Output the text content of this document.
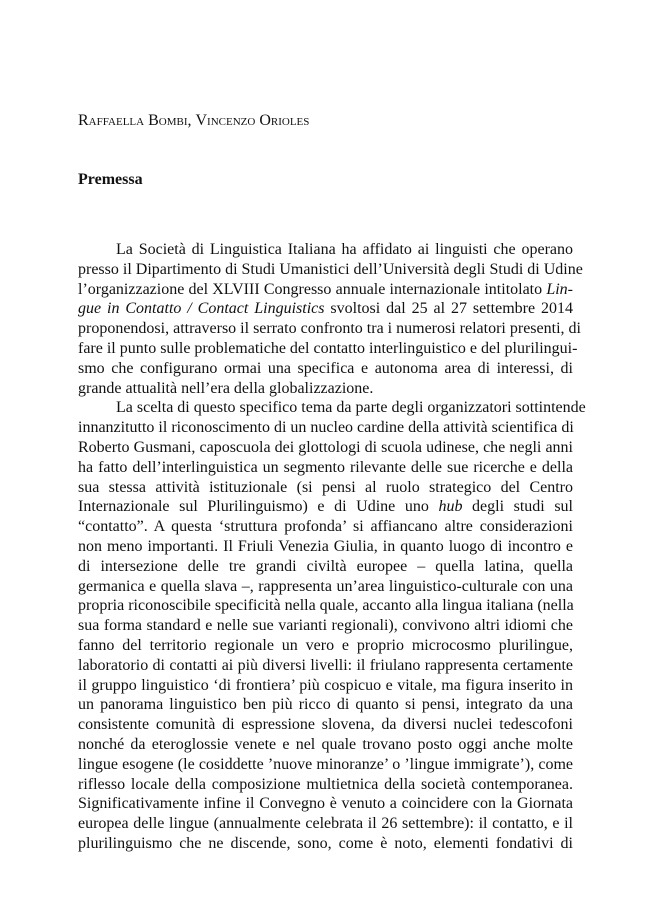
Raffaella Bombi, Vincenzo Orioles
Premessa
La Società di Linguistica Italiana ha affidato ai linguisti che operano
presso il Dipartimento di Studi Umanistici dell’Università degli Studi di Udine
l’organizzazione del XLVIII Congresso annuale internazionale intitolato Lin-
gue in Contatto / Contact Linguistics svoltosi dal 25 al 27 settembre 2014
proponendosi, attraverso il serrato confronto tra i numerosi relatori presenti, di
fare il punto sulle problematiche del contatto interlinguistico e del plurilingui-
smo che configurano ormai una specifica e autonoma area di interessi, di
grande attualità nell’era della globalizzazione.
La scelta di questo specifico tema da parte degli organizzatori sottintende
innanzitutto il riconoscimento di un nucleo cardine della attività scientifica di
Roberto Gusmani, caposcuola dei glottologi di scuola udinese, che negli anni
ha fatto dell’interlinguistica un segmento rilevante delle sue ricerche e della
sua stessa attività istituzionale (si pensi al ruolo strategico del Centro
Internazionale sul Plurilinguismo) e di Udine uno hub degli studi sul
“contatto”. A questa ‘struttura profonda’ si affiancano altre considerazioni
non meno importanti. Il Friuli Venezia Giulia, in quanto luogo di incontro e
di intersezione delle tre grandi civiltà europee – quella latina, quella
germanica e quella slava –, rappresenta un’area linguistico-culturale con una
propria riconoscibile specificità nella quale, accanto alla lingua italiana (nella
sua forma standard e nelle sue varianti regionali), convivono altri idiomi che
fanno del territorio regionale un vero e proprio microcosmo plurilingue,
laboratorio di contatti ai più diversi livelli: il friulano rappresenta certamente
il gruppo linguistico ‘di frontiera’ più cospicuo e vitale, ma figura inserito in
un panorama linguistico ben più ricco di quanto si pensi, integrato da una
consistente comunità di espressione slovena, da diversi nuclei tedescofoni
nonché da eteroglossie venete e nel quale trovano posto oggi anche molte
lingue esogene (le cosiddette ’nuove minoranze’ o ’lingue immigrate’), come
riflesso locale della composizione multietnica della società contemporanea.
Significativamente infine il Convegno è venuto a coincidere con la Giornata
europea delle lingue (annualmente celebrata il 26 settembre): il contatto, e il
plurilinguismo che ne discende, sono, come è noto, elementi fondativi di
